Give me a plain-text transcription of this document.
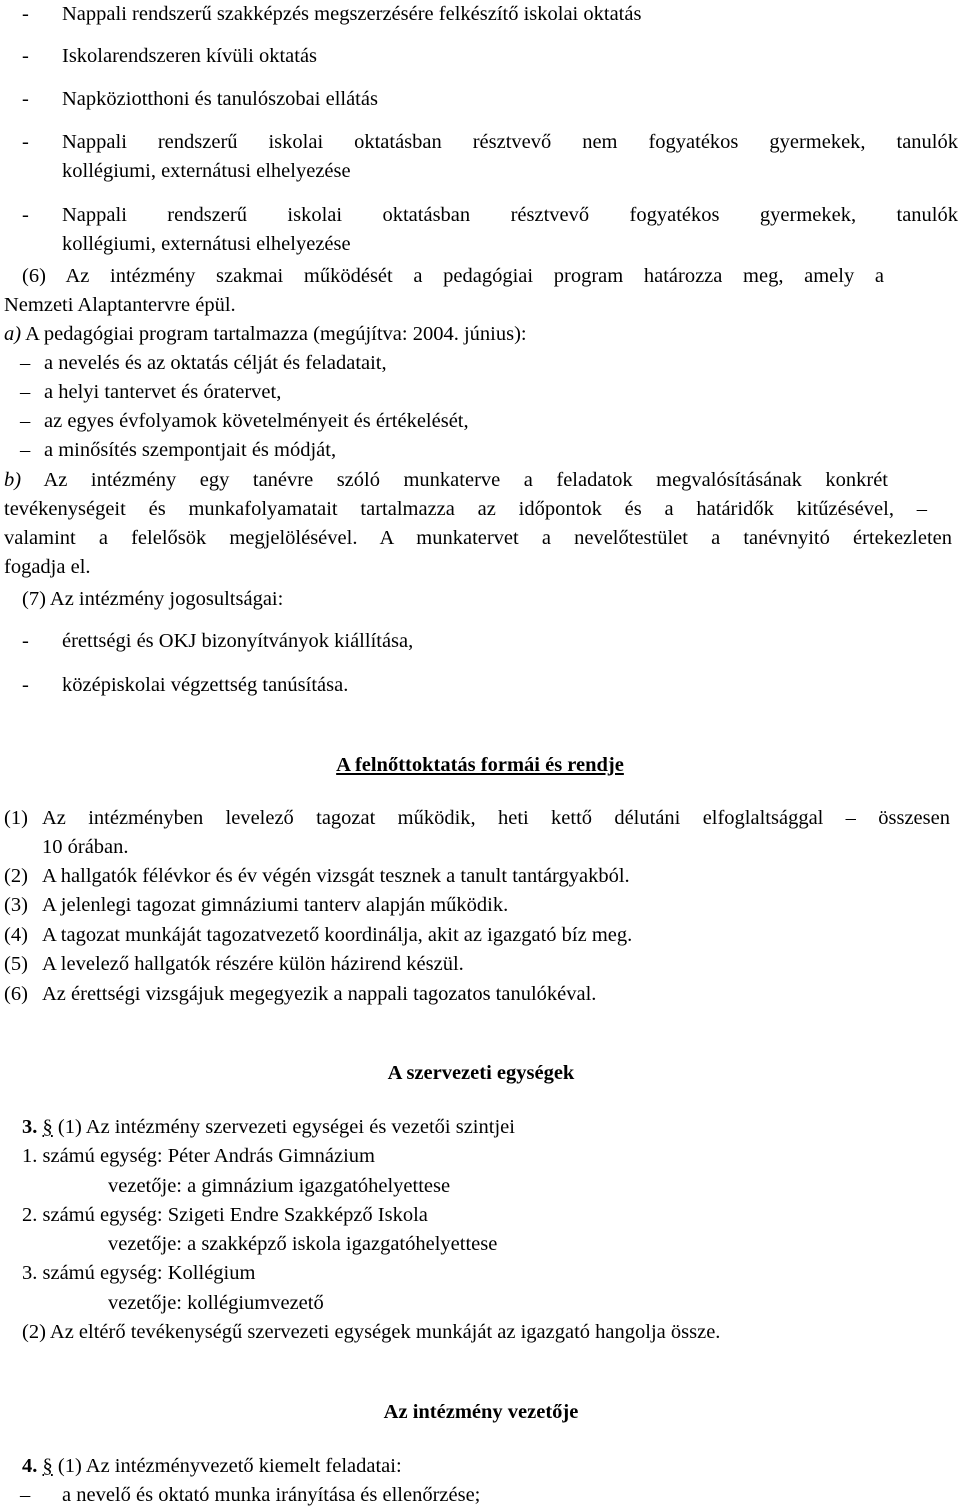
- Nappali rendszerű szakképzés megszerzésére felkészítő iskolai oktatás
- Iskolarendszeren kívüli oktatás
- Napköziotthoni és tanulószobai ellátás
- Nappali rendszerű iskolai oktatásban résztvevő nem fogyatékos gyermekek, tanulók
kollégiumi, externátusi elhelyezése
- Nappali rendszerű iskolai oktatásban résztvevő fogyatékos gyermekek, tanulók
kollégiumi, externátusi elhelyezése
(6) Az intézmény szakmai működését a pedagógiai program határozza meg, amely a
Nemzeti Alaptantervre épül.
a) A pedagógiai program tartalmazza (megújítva: 2004. június):
– a nevelés és az oktatás célját és feladatait,
– a helyi tantervet és óratervet,
– az egyes évfolyamok követelményeit és értékelését,
– a minősítés szempontjait és módját,
b) Az intézmény egy tanévre szóló munkaterve a feladatok megvalósításának konkrét
tevékenységeit és munkafolyamatait tartalmazza az időpontok és a határidők kitűzésével, –
valamint a felelősök megjelölésével. A munkatervet a nevelőtestület a tanévnyitó értekezleten
fogadja el.
(7) Az intézmény jogosultságai:
- érettségi és OKJ bizonyítványok kiállítása,
- középiskolai végzettség tanúsítása.
A felnőttoktatás formái és rendje
(1) Az intézményben levelező tagozat működik, heti kettő délutáni elfoglaltsággal – összesen
10 órában.
(2) A hallgatók félévkor és év végén vizsgát tesznek a tanult tantárgyakból.
(3) A jelenlegi tagozat gimnáziumi tanterv alapján működik.
(4) A tagozat munkáját tagozatvezető koordinálja, akit az igazgató bíz meg.
(5) A levelező hallgatók részére külön házirend készül.
(6) Az érettségi vizsgájuk megegyezik a nappali tagozatos tanulókéval.
A szervezeti egységek
3. § (1) Az intézmény szervezeti egységei és vezetői szintjei
1. számú egység: Péter András Gimnázium
vezetője: a gimnázium igazgatóhelyettese
2. számú egység: Szigeti Endre Szakképző Iskola
vezetője: a szakképző iskola igazgatóhelyettese
3. számú egység: Kollégium
vezetője: kollégiumvezető
(2) Az eltérő tevékenységű szervezeti egységek munkáját az igazgató hangolja össze.
Az intézmény vezetője
4. § (1) Az intézményvezető kiemelt feladatai:
– a nevelő és oktató munka irányítása és ellenőrzése;
